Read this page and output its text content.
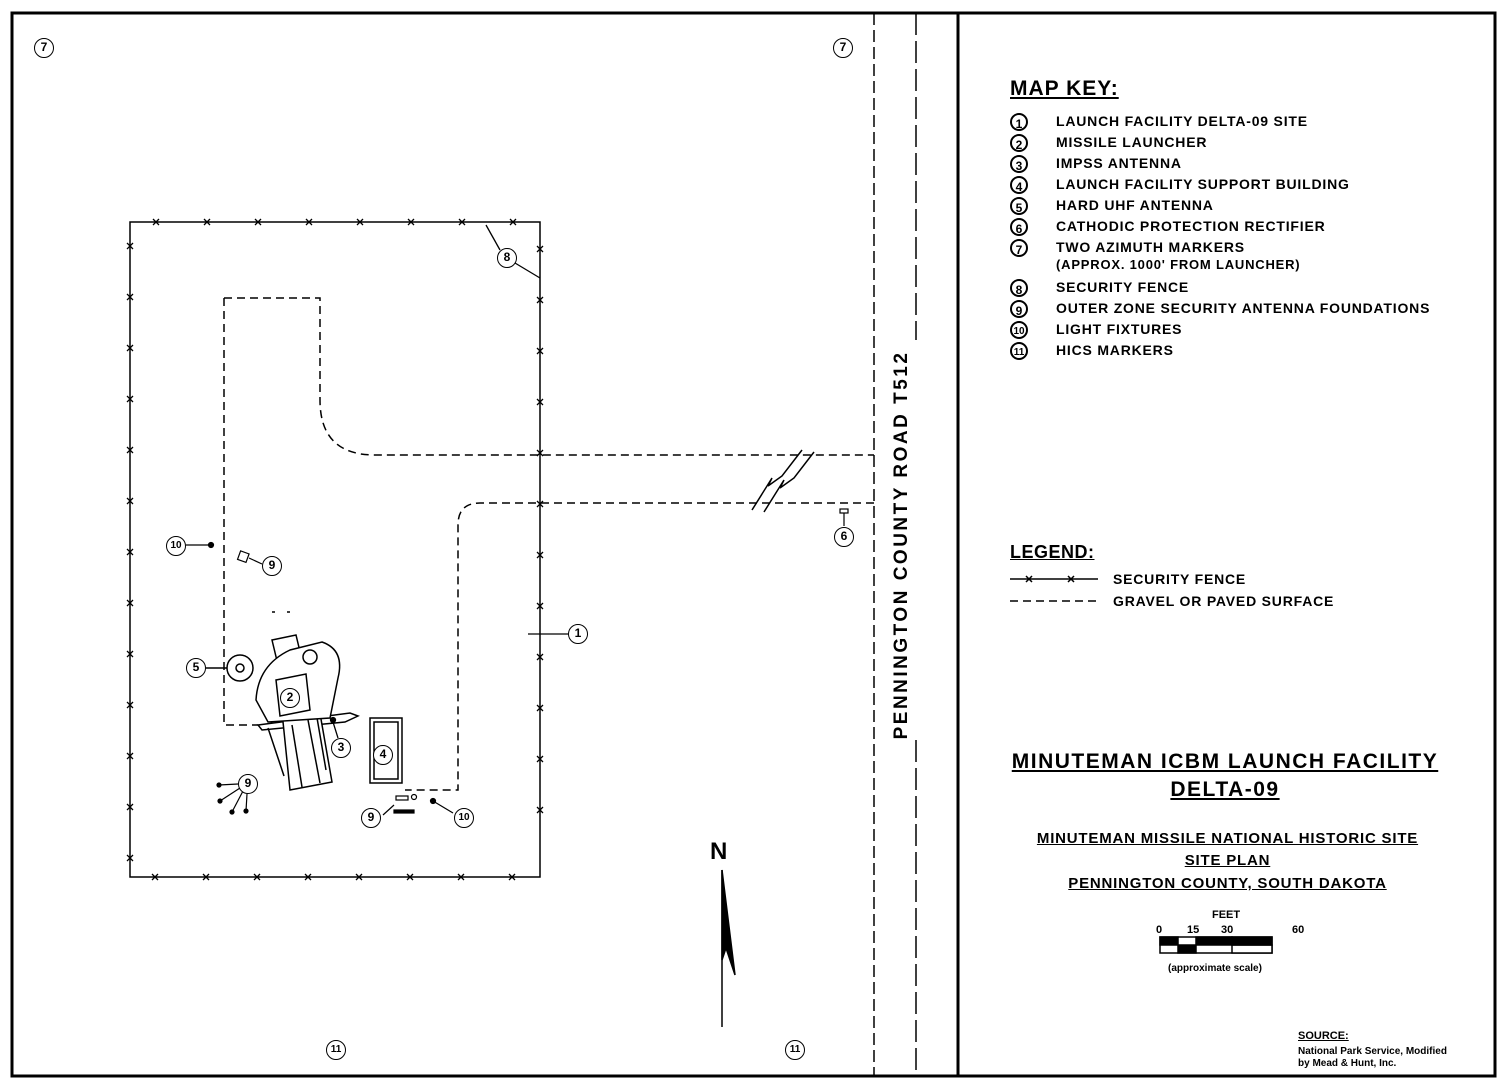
1
2
3	4
5
6
7	7
8
9
9
9
10
10
11	11
PENNINGTON COUNTY ROAD T512
N
MAP KEY:
1	LAUNCH FACILITY DELTA-09 SITE
2	MISSILE LAUNCHER
3	IMPSS ANTENNA
4	LAUNCH FACILITY SUPPORT BUILDING
5	HARD UHF ANTENNA
6	CATHODIC PROTECTION RECTIFIER
7	TWO AZIMUTH MARKERS
(APPROX. 1000' FROM LAUNCHER)
8	SECURITY FENCE
9	OUTER ZONE SECURITY ANTENNA FOUNDATIONS
10 LIGHT FIXTURES
11 HICS MARKERS
LEGEND:
SECURITY FENCE
GRAVEL OR PAVED SURFACE
MINUTEMAN ICBM LAUNCH FACILITY
DELTA-09
MINUTEMAN MISSILE NATIONAL HISTORIC SITE
SITE PLAN
PENNINGTON COUNTY, SOUTH DAKOTA
FEET
0 15 30	60
(approximate scale)
SOURCE:
National Park Service, Modified
by Mead & Hunt, Inc.
